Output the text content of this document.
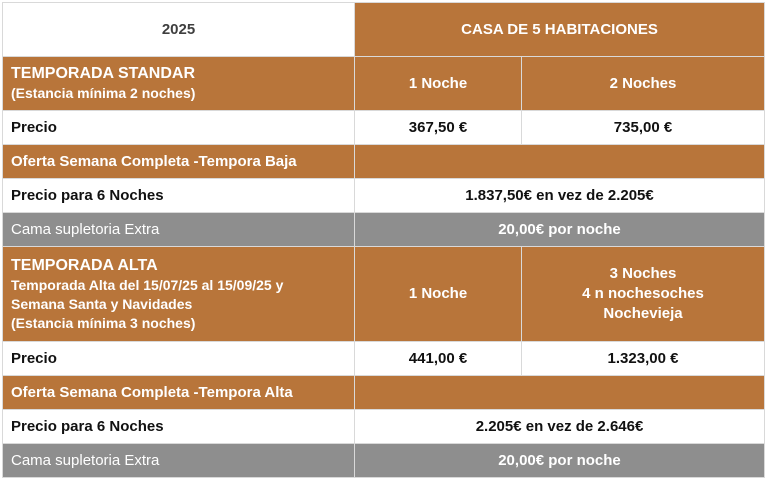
2025	CASA DE 5 HABITACIONES	

TEMPORADA STANDAR
(Estancia mínima 2 noches)	1 Noche	2 Noches
Precio	367,50 €	735,00 €
Oferta Semana Completa -Tempora Baja		
Precio para 6 Noches	1.837,50€ en vez de 2.205€	
Cama supletoria Extra	20,00€ por noche	

TEMPORADA ALTA
Temporada Alta del 15/07/25 al 15/09/25 y
Semana Santa y Navidades
(Estancia mínima 3 noches)	1 Noche	3 Noches
4 n nochesoches
Nochevieja

Precio	441,00 €	1.323,00 €
Oferta Semana Completa -Tempora Alta		
Precio para 6 Noches	2.205€ en vez de 2.646€	
Cama supletoria Extra	20,00€ por noche	
